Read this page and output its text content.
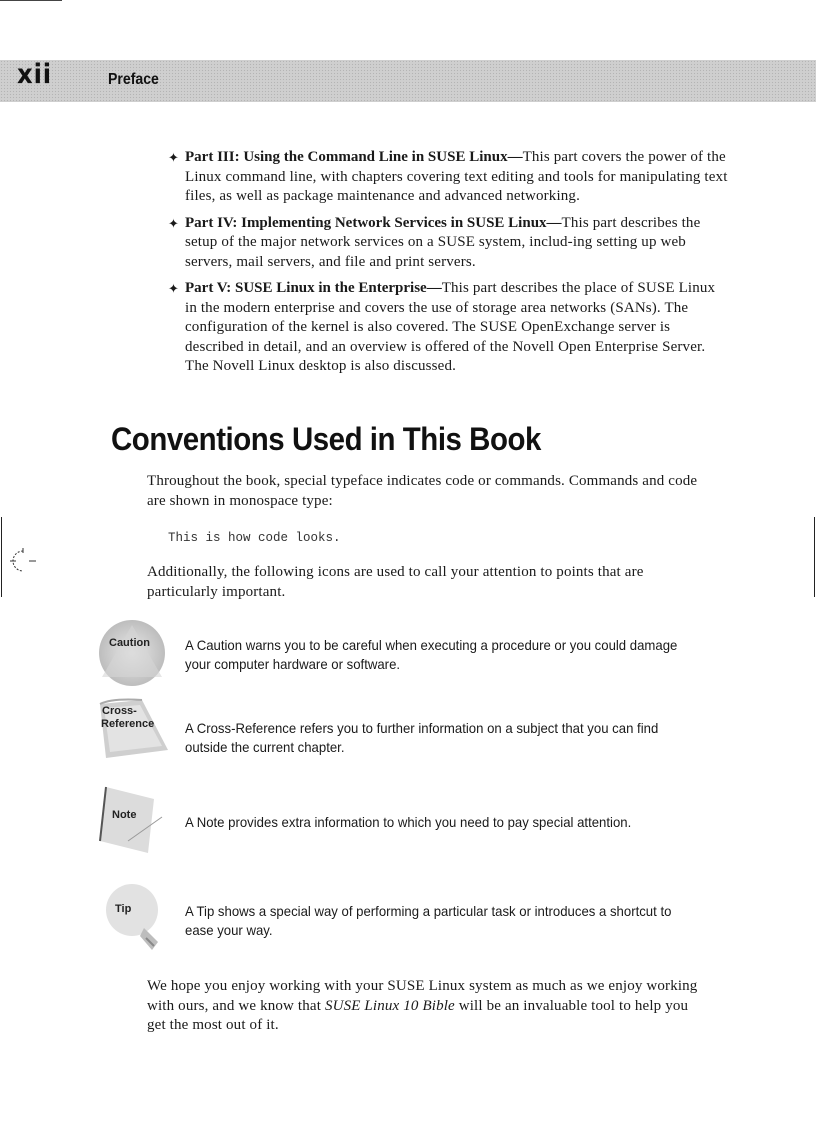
xii	Preface
✦ Part III: Using the Command Line in SUSE Linux—This part covers the power of the Linux command line, with chapters covering text editing and tools for manipulating text files, as well as package maintenance and advanced networking.
✦ Part IV: Implementing Network Services in SUSE Linux—This part describes the setup of the major network services on a SUSE system, includ-ing setting up web servers, mail servers, and file and print servers.
✦ Part V: SUSE Linux in the Enterprise—This part describes the place of SUSE Linux in the modern enterprise and covers the use of storage area networks (SANs). The configuration of the kernel is also covered. The SUSE OpenExchange server is described in detail, and an overview is offered of the Novell Open Enterprise Server. The Novell Linux desktop is also discussed.
Conventions Used in This Book

Throughout the book, special typeface indicates code or commands. Commands and code are shown in monospace type:

This is how code looks.

Additionally, the following icons are used to call your attention to points that are particularly important.

Caution	A Caution warns you to be careful when executing a procedure or you could damage your computer hardware or software.

Cross-
Reference A Cross-Reference refers you to further information on a subject that you can find outside the current chapter.

Note	A Note provides extra information to which you need to pay special attention.

Tip	A Tip shows a special way of performing a particular task or introduces a shortcut to ease your way.

We hope you enjoy working with your SUSE Linux system as much as we enjoy working with ours, and we know that SUSE Linux 10 Bible will be an invaluable tool to help you get the most out of it.
